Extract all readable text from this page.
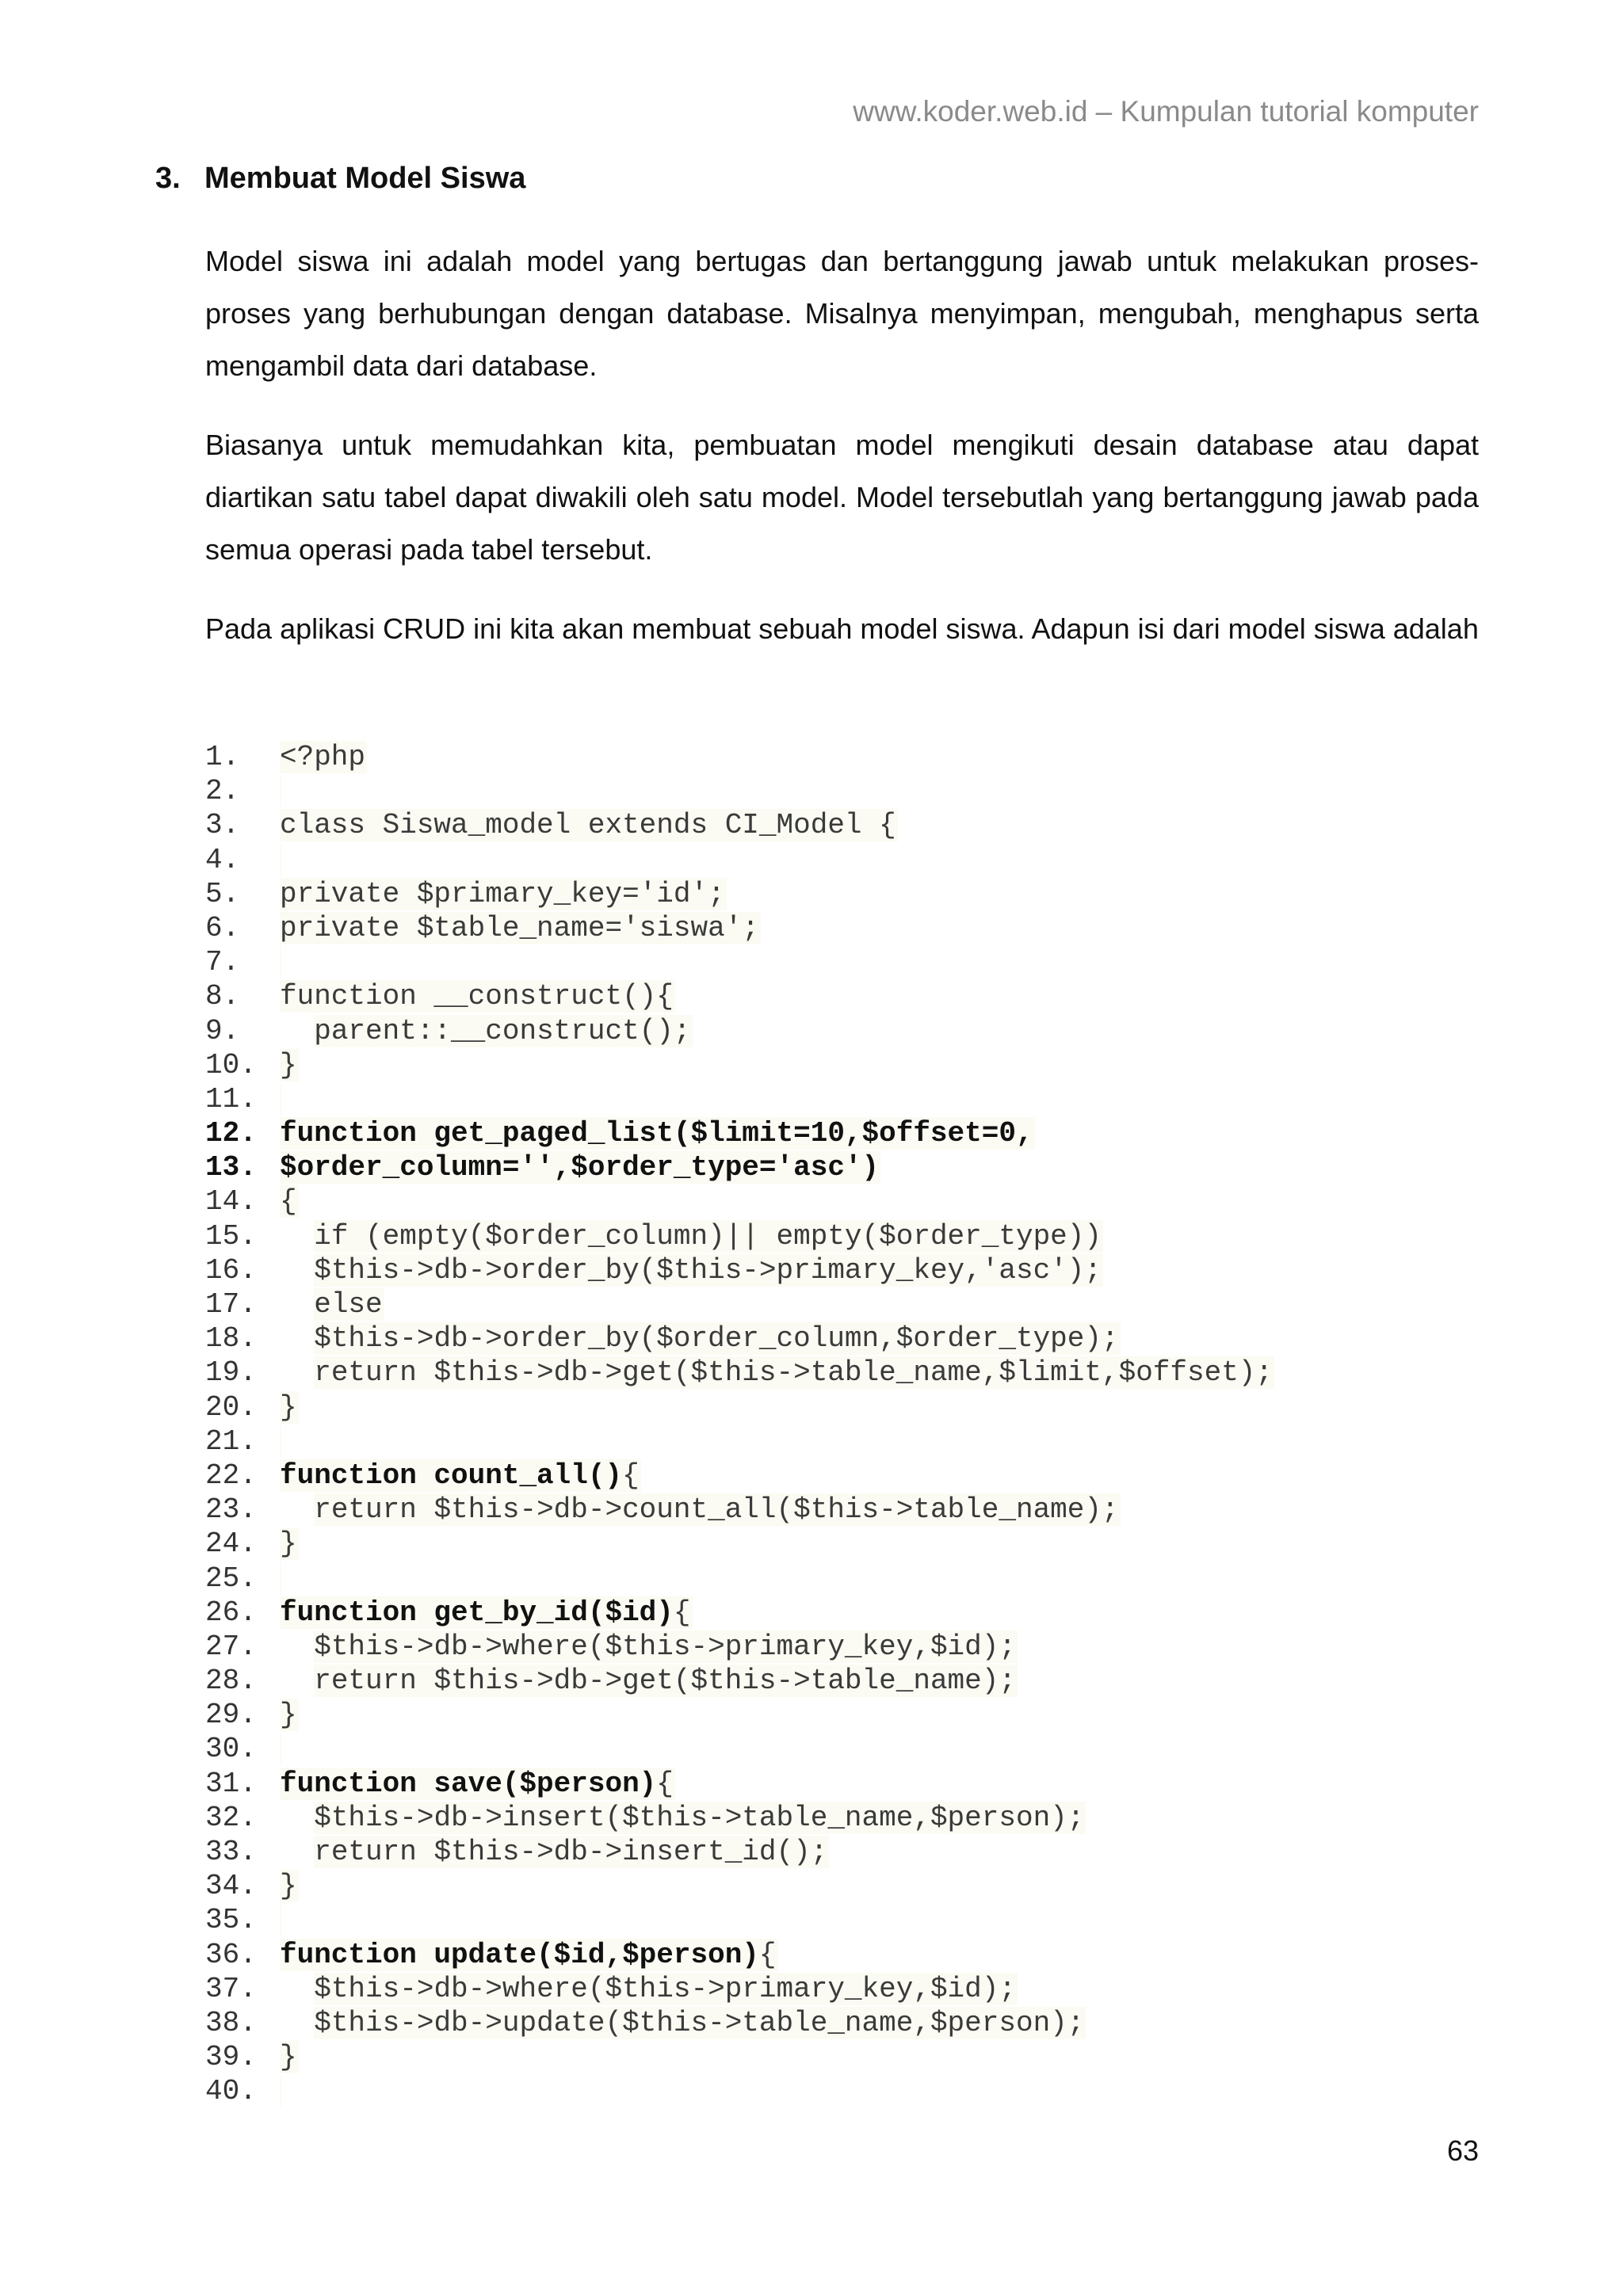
www.koder.web.id – Kumpulan tutorial komputer
3. Membuat Model Siswa

Model siswa ini adalah model yang bertugas dan bertanggung jawab untuk melakukan proses-proses yang berhubungan dengan database. Misalnya menyimpan, mengubah, menghapus serta mengambil data dari database.

Biasanya untuk memudahkan kita, pembuatan model mengikuti desain database atau dapat diartikan satu tabel dapat diwakili oleh satu model. Model tersebutlah yang bertanggung jawab pada semua operasi pada tabel tersebut.

Pada aplikasi CRUD ini kita akan membuat sebuah model siswa. Adapun isi dari model siswa adalah

1. <?php
2.
3. class Siswa_model extends CI_Model {
4.
5. private $primary_key='id';
6. private $table_name='siswa';
7.
8. function __construct(){
9.	parent::__construct();
10. }
11.
12. function get_paged_list($limit=10,$offset=0,
13. $order_column='',$order_type='asc')
14. {
15. if (empty($order_column)|| empty($order_type))
16. $this->db->order_by($this->primary_key,'asc');
17. else
18. $this->db->order_by($order_column,$order_type);
19. return $this->db->get($this->table_name,$limit,$offset);
20. }
21.
22. function count_all(){
23. return $this->db->count_all($this->table_name);
24. }
25.
26. function get_by_id($id){
27. $this->db->where($this->primary_key,$id);
28. return $this->db->get($this->table_name);
29. }
30.
31. function save($person){
32. $this->db->insert($this->table_name,$person);
33. return $this->db->insert_id();
34. }
35.
36. function update($id,$person){
37. $this->db->where($this->primary_key,$id);
38. $this->db->update($this->table_name,$person);
39. }
40.
63
